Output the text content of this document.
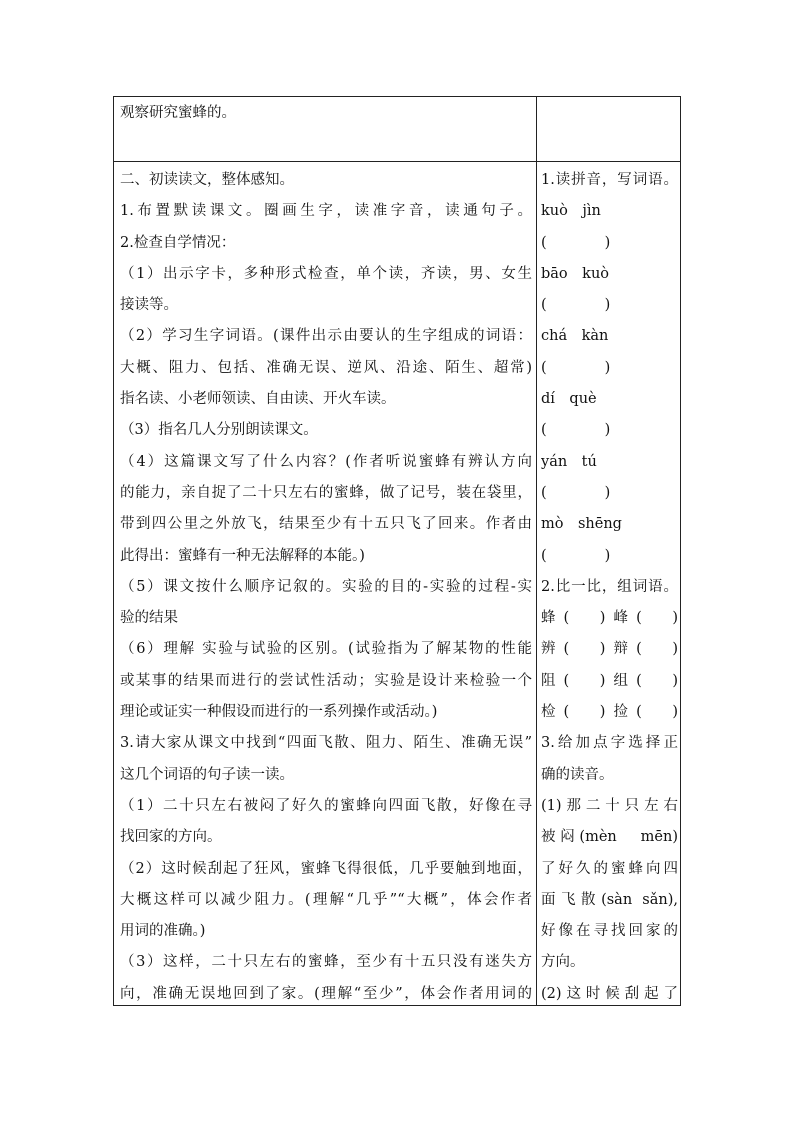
观察研究蜜蜂的。
二、初读读文，整体感知。
1.布置默读课文。圈画生字，读准字音，读通句子。
2.检查自学情况：
（1）出示字卡，多种形式检查，单个读，齐读，男、女生
接读等。
（2）学习生字词语。(课件出示由要认的生字组成的词语：
大概、阻力、包括、准确无误、逆风、沿途、陌生、超常)
指名读、小老师领读、自由读、开火车读。
（3）指名几人分别朗读课文。
（4）这篇课文写了什么内容？(作者听说蜜蜂有辨认方向
的能力，亲自捉了二十只左右的蜜蜂，做了记号，装在袋里，
带到四公里之外放飞，结果至少有十五只飞了回来。作者由
此得出：蜜蜂有一种无法解释的本能。)
（5）课文按什么顺序记叙的。实验的目的-实验的过程-实
验的结果
（6）理解 实验与试验的区别。(试验指为了解某物的性能
或某事的结果而进行的尝试性活动；实验是设计来检验一个
理论或证实一种假设而进行的一系列操作或活动。)
3.请大家从课文中找到“四面飞散、阻力、陌生、准确无误”
这几个词语的句子读一读。
（1）二十只左右被闷了好久的蜜蜂向四面飞散，好像在寻
找回家的方向。
（2）这时候刮起了狂风，蜜蜂飞得很低，几乎要触到地面，
大概这样可以减少阻力。(理解“几乎”“大概”，体会作者
用词的准确。)
（3）这样，二十只左右的蜜蜂，至少有十五只没有迷失方
向，准确无误地回到了家。(理解“至少”，体会作者用词的
1.读拼音，写词语。
kuò　jìn
(　　　　)
bāo　kuò
(　　　　)
chá　kàn
(　　　　)
dí　què
(　　　　)
yán　tú
(　　　　)
mò　shēng
(　　　　)
2.比一比，组词语。
蜂(　)峰(　)
辨(　)辩(　)
阻(　)组(　)
检(　)捡(　)
3.给加点字选择正
确的读音。
(1)那二十只左右
被闷(mèn　mēn)
了好久的蜜蜂向四
面飞散(sàn sǎn),
好像在寻找回家的
方向。
(2)这时候刮起了
